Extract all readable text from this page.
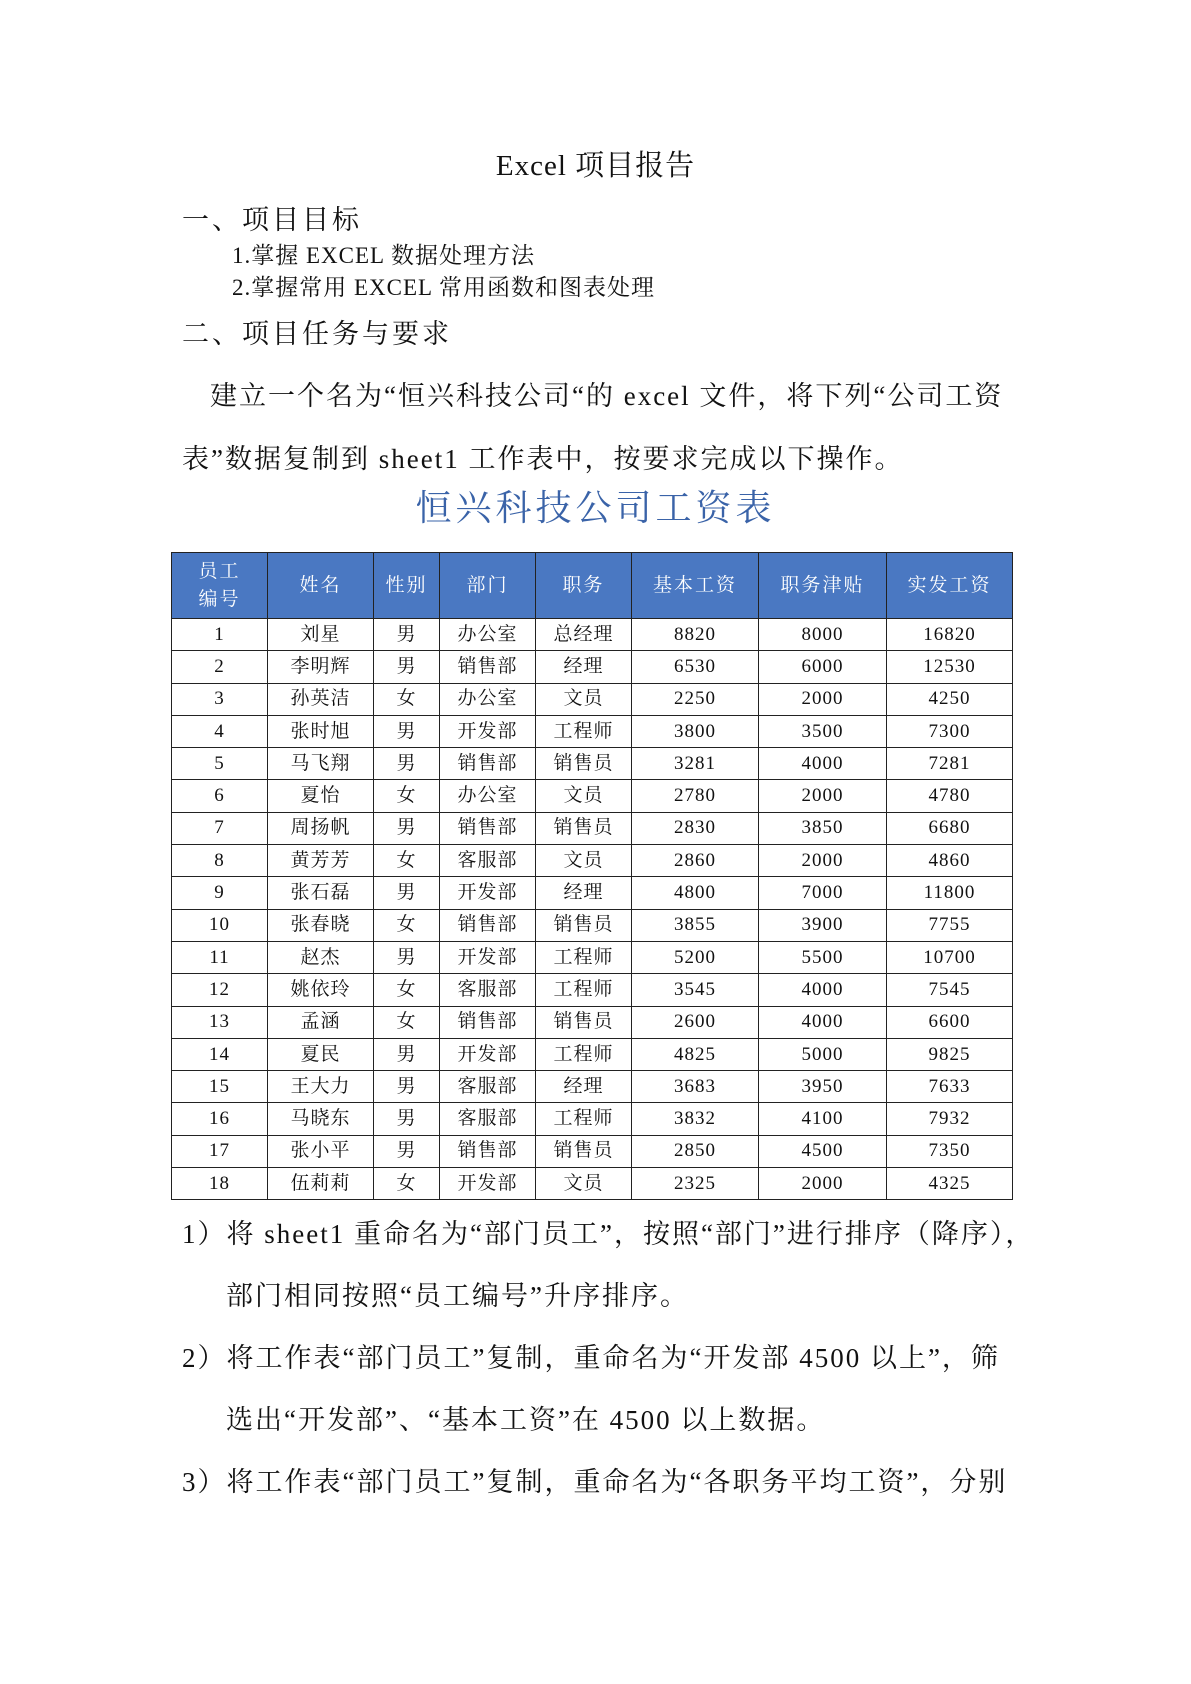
Excel 项目报告
一、项目目标
1.掌握 EXCEL 数据处理方法
2.掌握常用 EXCEL 常用函数和图表处理
二、项目任务与要求
建立一个名为“恒兴科技公司“的 excel 文件，将下列“公司工资
表”数据复制到 sheet1 工作表中，按要求完成以下操作。
恒兴科技公司工资表
员工编号	姓名	性别	部门	职务	基本工资	职务津贴	实发工资
1	刘星	男	办公室	总经理	8820	8000	16820
2	李明辉	男	销售部	经理	6530	6000	12530
3	孙英洁	女	办公室	文员	2250	2000	4250
4	张时旭	男	开发部	工程师	3800	3500	7300
5	马飞翔	男	销售部	销售员	3281	4000	7281
6	夏怡	女	办公室	文员	2780	2000	4780
7	周扬帆	男	销售部	销售员	2830	3850	6680
8	黄芳芳	女	客服部	文员	2860	2000	4860
9	张石磊	男	开发部	经理	4800	7000	11800
10	张春晓	女	销售部	销售员	3855	3900	7755
11	赵杰	男	开发部	工程师	5200	5500	10700
12	姚依玲	女	客服部	工程师	3545	4000	7545
13	孟涵	女	销售部	销售员	2600	4000	6600
14	夏民	男	开发部	工程师	4825	5000	9825
15	王大力	男	客服部	经理	3683	3950	7633
16	马晓东	男	客服部	工程师	3832	4100	7932
17	张小平	男	销售部	销售员	2850	4500	7350
18	伍莉莉	女	开发部	文员	2325	2000	4325
1）将 sheet1 重命名为“部门员工”，按照“部门”进行排序（降序），
部门相同按照“员工编号”升序排序。
2）将工作表“部门员工”复制，重命名为“开发部 4500 以上”，筛
选出“开发部”、“基本工资”在 4500 以上数据。
3）将工作表“部门员工”复制，重命名为“各职务平均工资”，分别
